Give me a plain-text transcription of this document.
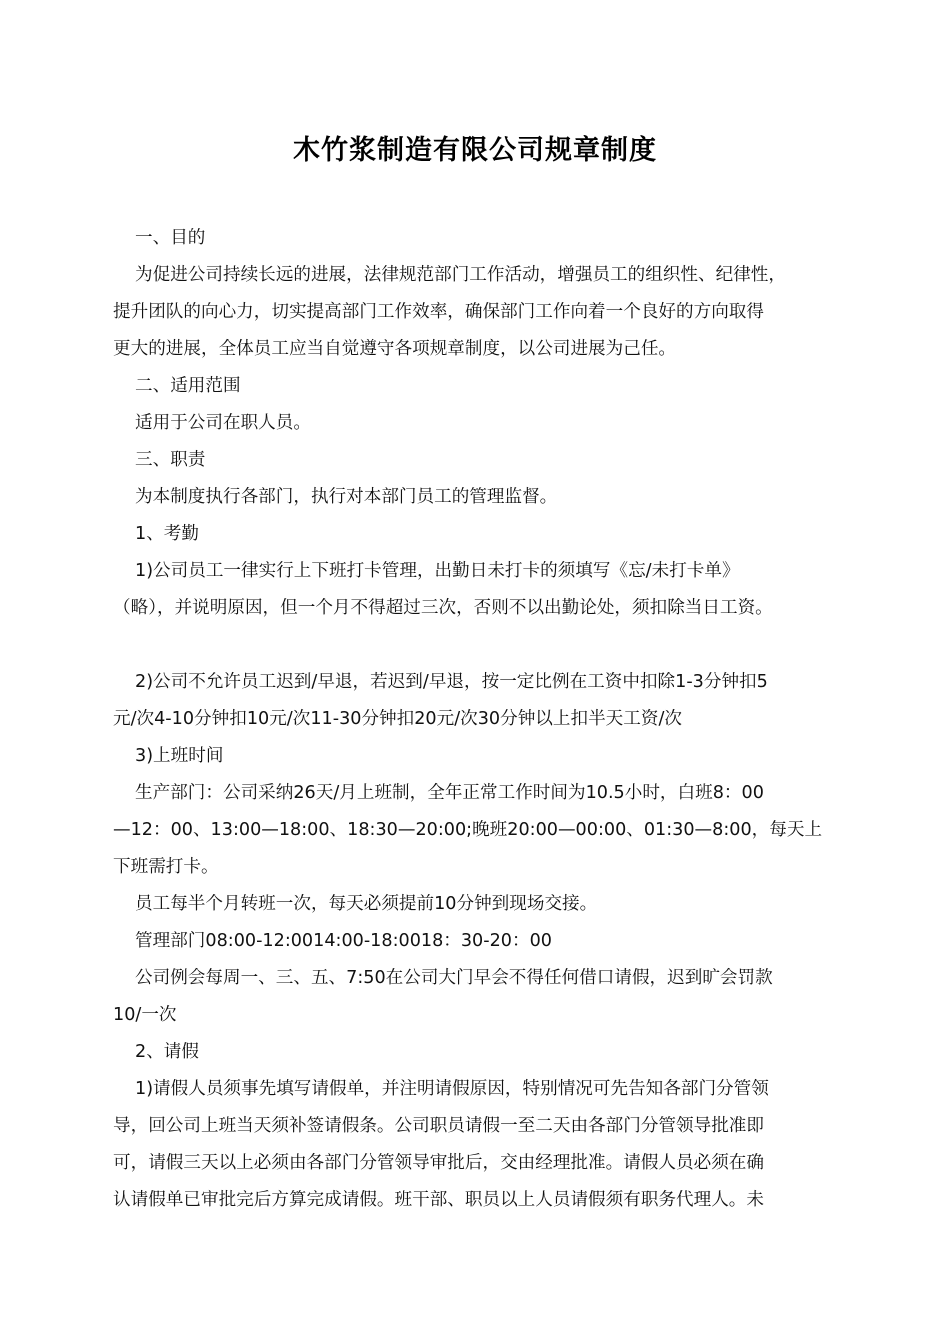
木竹浆制造有限公司规章制度
一、目的
为促进公司持续长远的进展，法律规范部门工作活动，增强员工的组织性、纪律性，
提升团队的向心力，切实提高部门工作效率，确保部门工作向着一个良好的方向取得
更大的进展，全体员工应当自觉遵守各项规章制度，以公司进展为己任。
二、适用范围
适用于公司在职人员。
三、职责
为本制度执行各部门，执行对本部门员工的管理监督。
1、考勤
1)公司员工一律实行上下班打卡管理，出勤日未打卡的须填写《忘/未打卡单》
（略），并说明原因，但一个月不得超过三次，否则不以出勤论处，须扣除当日工资。
2)公司不允许员工迟到/早退，若迟到/早退，按一定比例在工资中扣除1-3分钟扣5
元/次4-10分钟扣10元/次11-30分钟扣20元/次30分钟以上扣半天工资/次
3)上班时间
生产部门：公司采纳26天/月上班制，全年正常工作时间为10.5小时，白班8：00
—12：00、13:00—18:00、18:30—20:00;晚班20:00—00:00、01:30—8:00，每天上
下班需打卡。
员工每半个月转班一次，每天必须提前10分钟到现场交接。
管理部门08:00-12:0014:00-18:0018：30-20：00
公司例会每周一、三、五、7:50在公司大门早会不得任何借口请假，迟到旷会罚款
10/一次
2、请假
1)请假人员须事先填写请假单，并注明请假原因，特别情况可先告知各部门分管领
导，回公司上班当天须补签请假条。公司职员请假一至二天由各部门分管领导批准即
可，请假三天以上必须由各部门分管领导审批后，交由经理批准。请假人员必须在确
认请假单已审批完后方算完成请假。班干部、职员以上人员请假须有职务代理人。未
